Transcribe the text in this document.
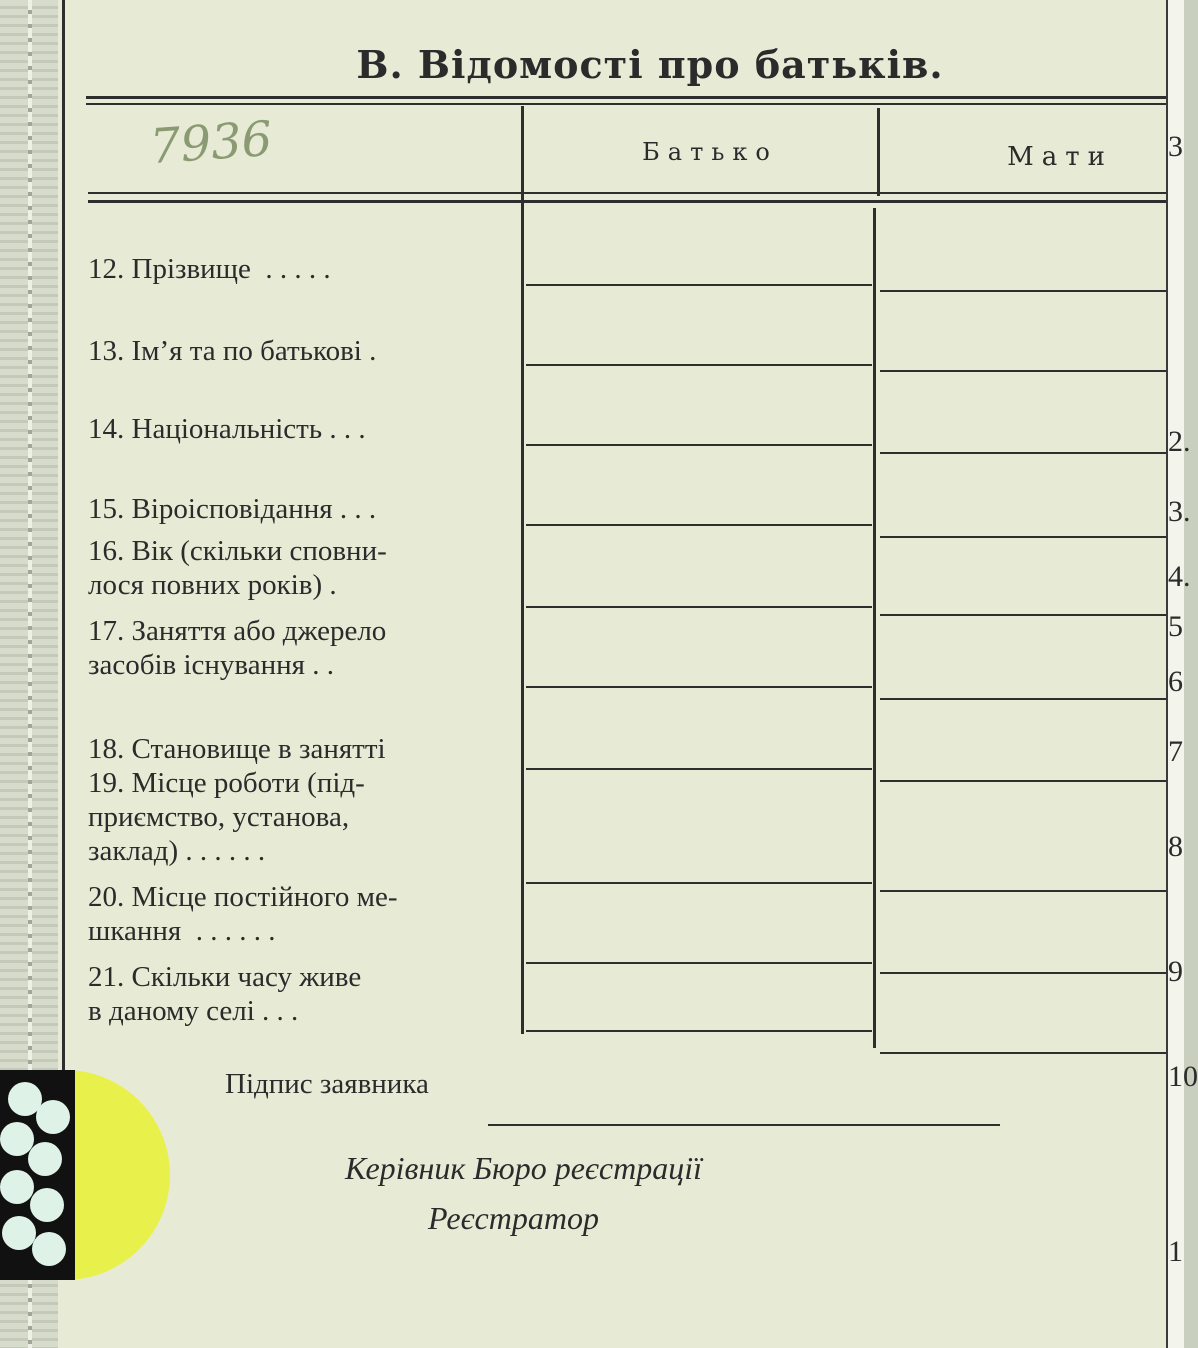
В. Відомості про батьків.
7936	Батько	Мати
12. Прізвище  . . . . .
13. Ім’я та по батькові .
14. Національність . . .
15. Віроісповідання . . .
16. Вік (скільки сповни-
лося повних років) .
17. Заняття або джерело
засобів існування . .
18. Становище в занятті
19. Місце роботи (під-
приємство, установа,
заклад) . . . . . .
20. Місце постійного ме-
шкання  . . . . . .
21. Скільки часу живе
в даному селі . . .
Підпис заявника
Керівник Бюро реєстрації
Реєстратор
3
2.
3.
4.
5
6
7
8
9
10
1
